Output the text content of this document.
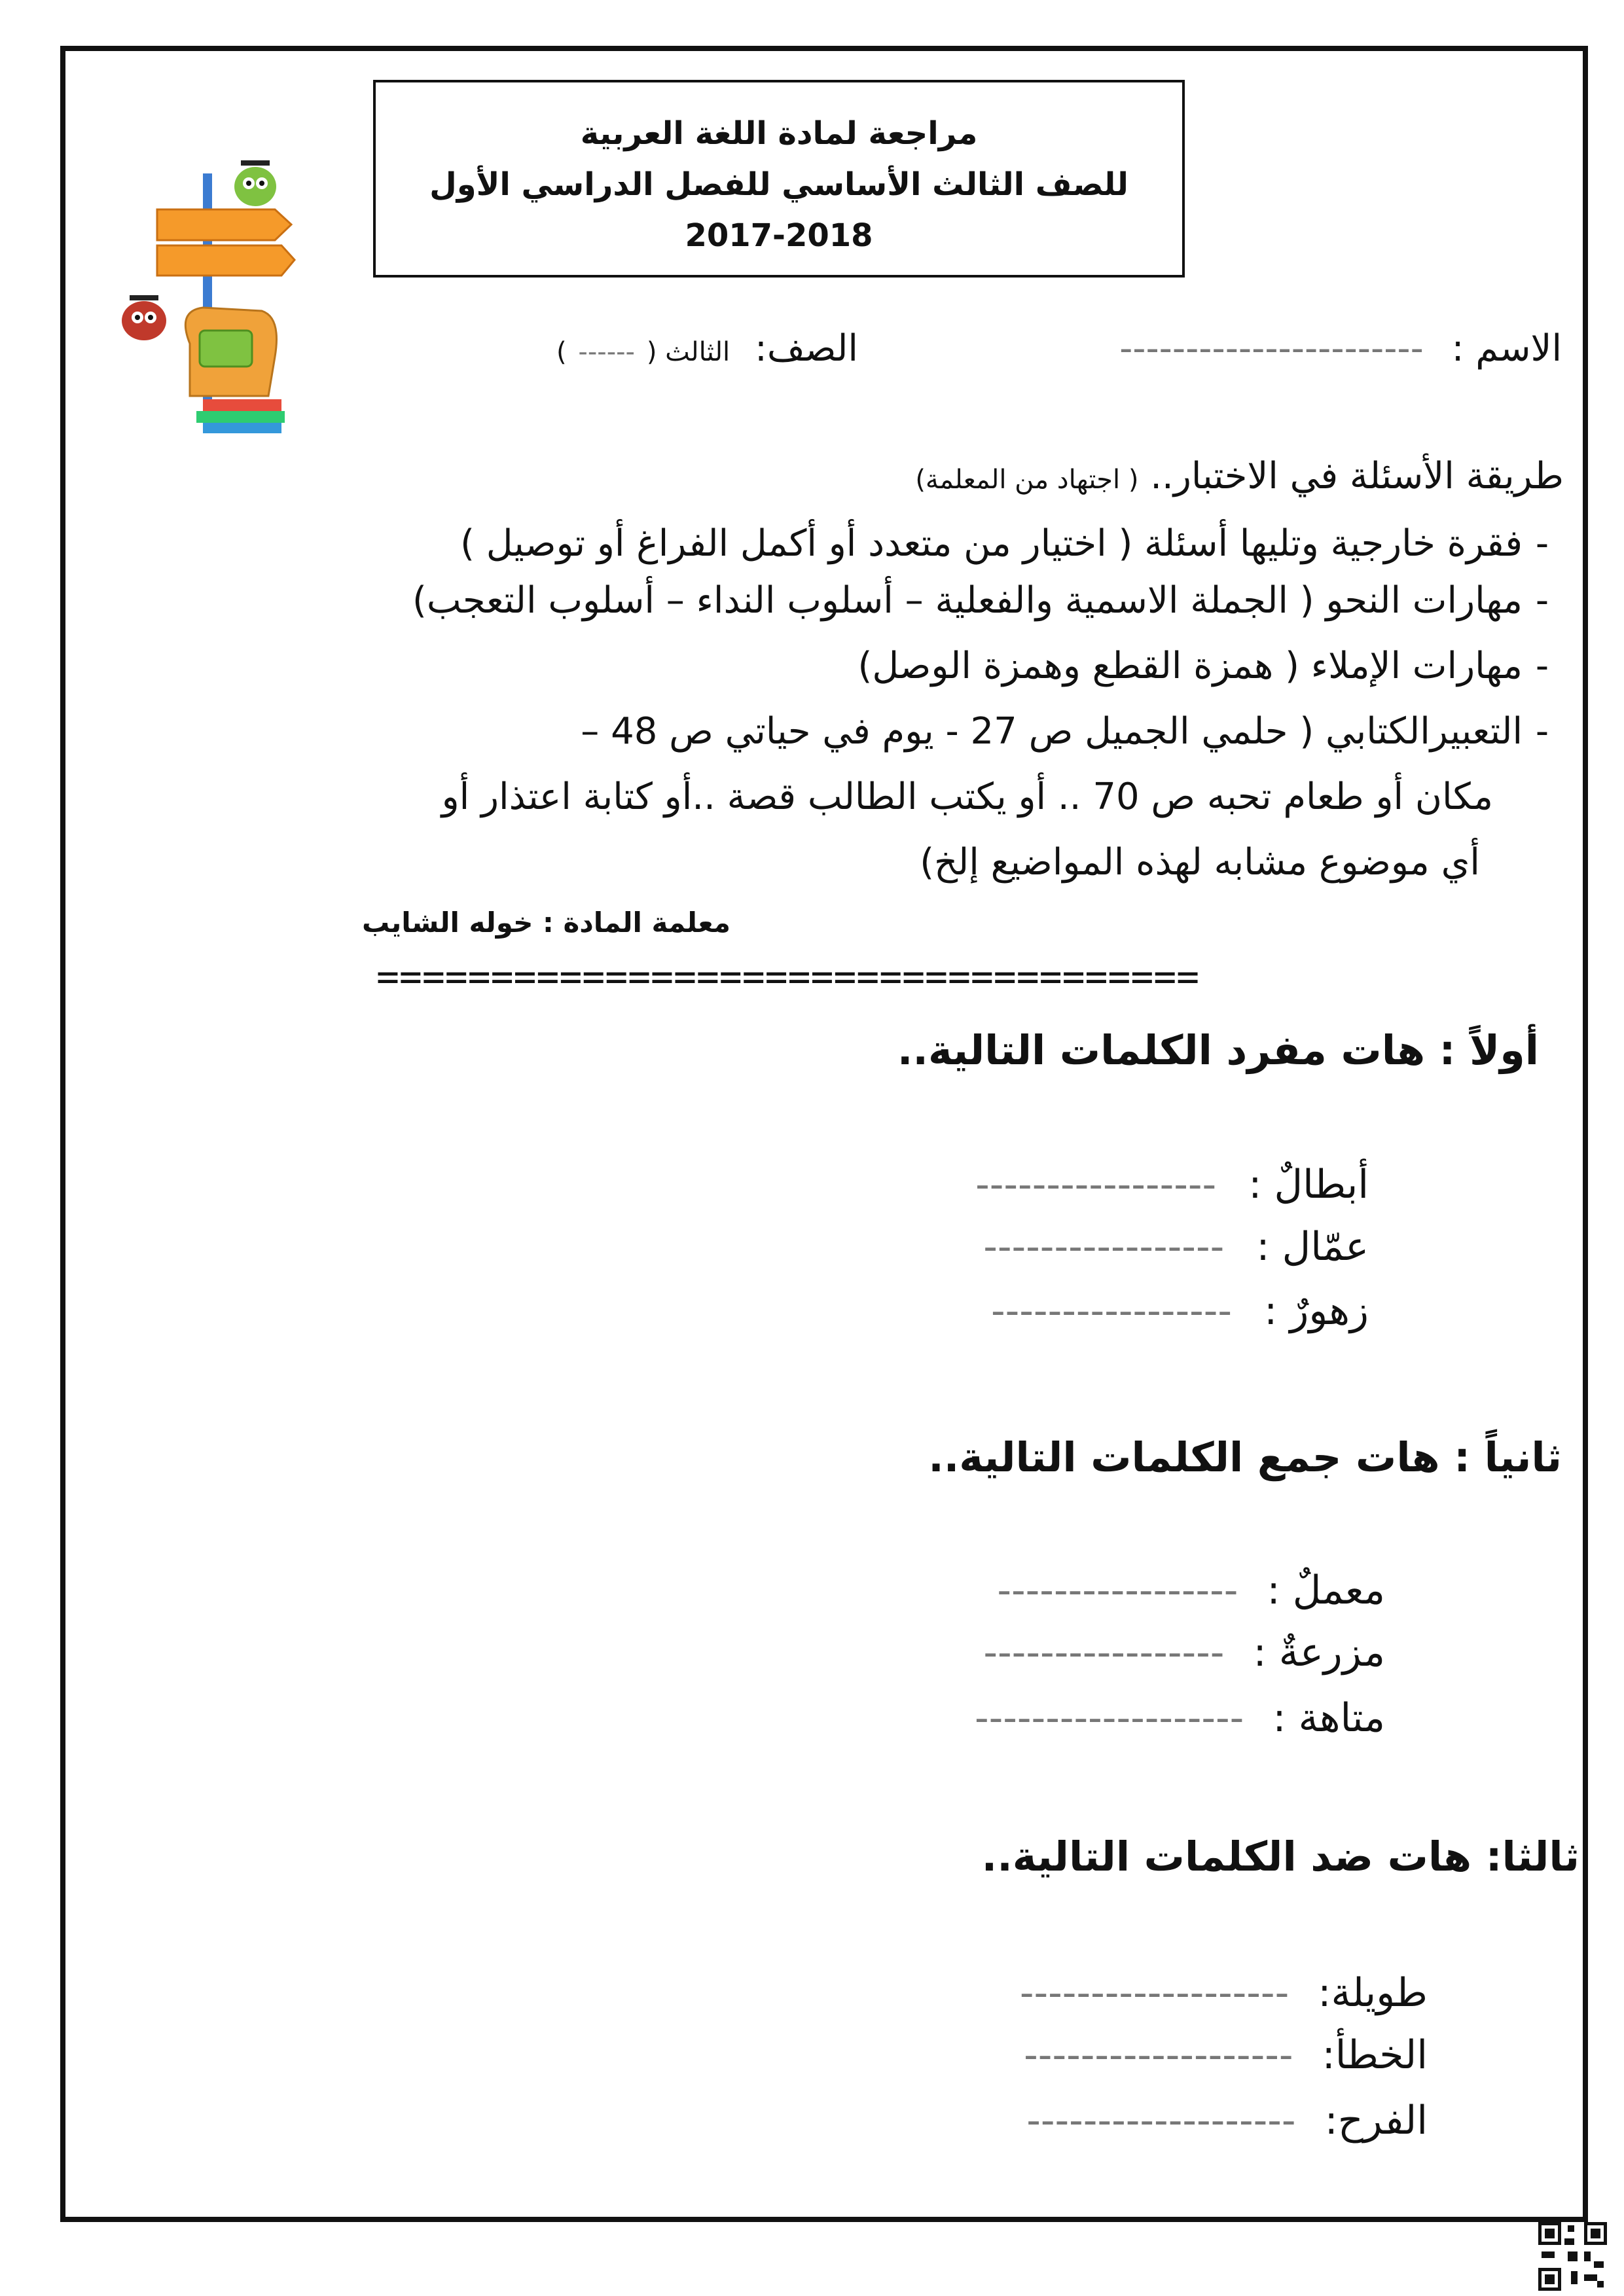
مراجعة لمادة اللغة العربية
للصف الثالث الأساسي للفصل الدراسي الأول
2017-2018
الاسم : -----------------------
الصف: الثالث ( ------ )
طريقة الأسئلة في الاختبار.. ( اجتهاد من المعلمة)
-فقرة خارجية وتليها أسئلة ( اختيار من متعدد أو أكمل الفراغ أو توصيل )
-مهارات النحو ( الجملة الاسمية والفعلية – أسلوب النداء – أسلوب التعجب)
-مهارات الإملاء ( همزة القطع وهمزة الوصل)
-التعبيرالكتابي ( حلمي الجميل ص 27 - يوم في حياتي ص 48 –
مكان أو طعام تحبه ص 70 .. أو يكتب الطالب قصة ..أو كتابة اعتذار أو
أي موضوع مشابه لهذه المواضيع إلخ)
معلمة المادة : خوله الشايب
====================================
أولاً : هات مفرد الكلمات التالية..
أبطالٌ : -----------------
عمّال : -----------------
زهورٌ : -----------------
ثانياً : هات جمع الكلمات التالية..
معملٌ : -----------------
مزرعةٌ : -----------------
متاهة : -------------------
ثالثا: هات ضد الكلمات التالية..
طويلة: -------------------
الخطأ: -------------------
الفرح: -------------------
